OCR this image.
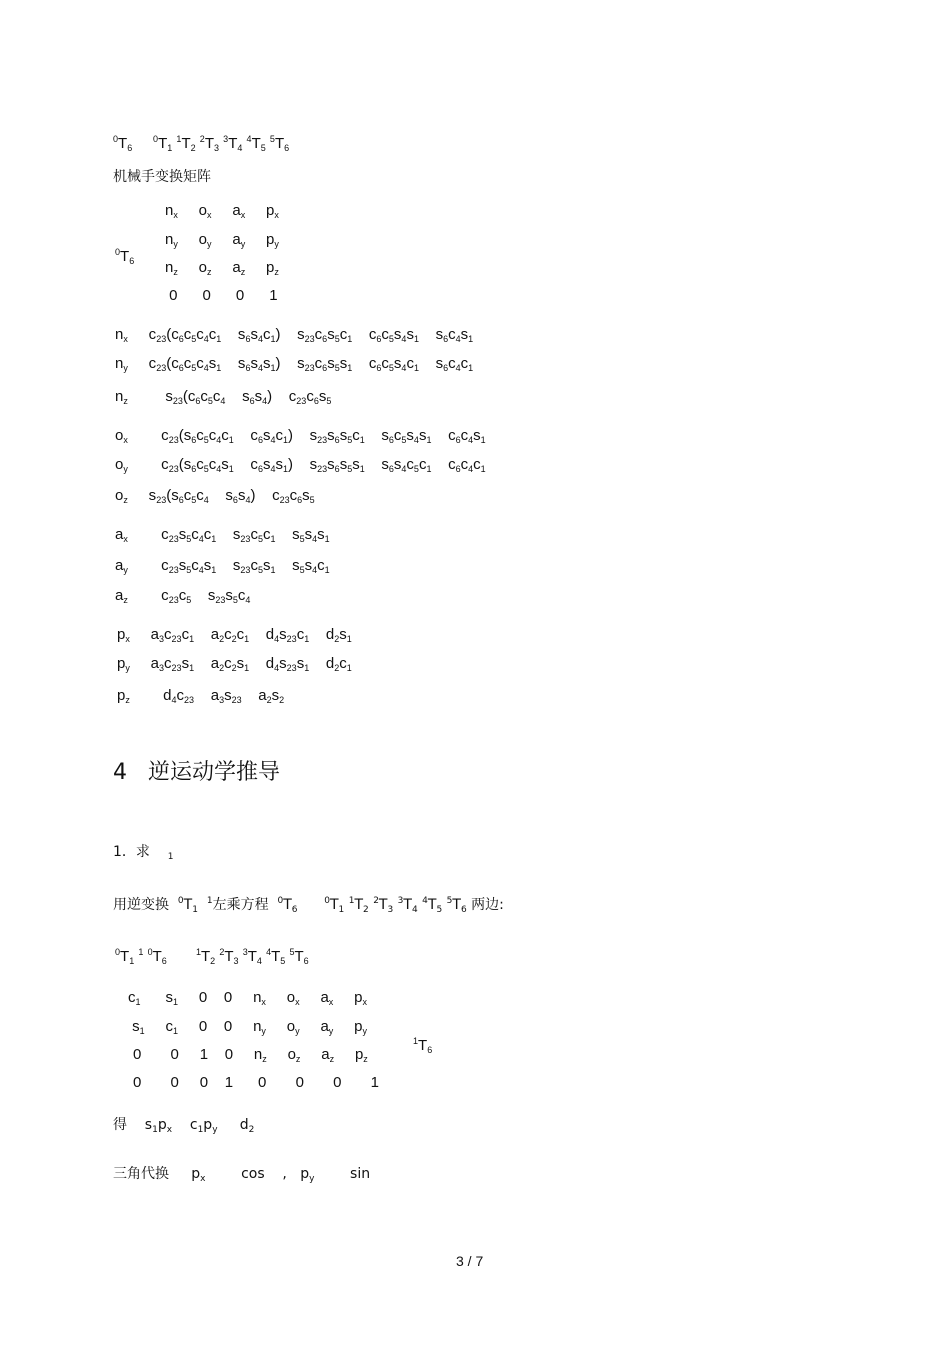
$^0T_6$     $^0T_1$ $^1T_2$ $^2T_3$ $^3T_4$ $^4T_5$ $^5T_6$
机械手变换矩阵
$^0T_6$
$n_x$     $o_x$     $a_x$     $p_x$
$n_y$     $o_y$     $a_y$     $p_y$
$n_z$     $o_z$     $a_z$     $p_z$
0      0      0      1
$n_x$     $c_{23}(c_6c_5c_4c_1$    $s_6s_4c_1$)    $s_{23}c_6s_5c_1$    $c_6c_5s_4s_1$    $s_6c_4s_1$
$n_y$     $c_{23}(c_6c_5c_4s_1$    $s_6s_4s_1$)    $s_{23}c_6s_5s_1$    $c_6c_5s_4c_1$    $s_6c_4c_1$
$n_z$         $s_{23}(c_6c_5c_4$    $s_6s_4$)    $c_{23}c_6s_5$
$o_x$        $c_{23}(s_6c_5c_4c_1$    $c_6s_4c_1$)    $s_{23}s_6s_5c_1$    $s_6c_5s_4s_1$    $c_6c_4s_1$
$o_y$        $c_{23}(s_6c_5c_4s_1$    $c_6s_4s_1$)    $s_{23}s_6s_5s_1$    $s_6s_4c_5c_1$    $c_6c_4c_1$
$o_z$     $s_{23}(s_6c_5c_4$    $s_6s_4$)    $c_{23}c_6s_5$
$a_x$        $c_{23}s_5c_4c_1$    $s_{23}c_5c_1$    $s_5s_4s_1$
$a_y$        $c_{23}s_5c_4s_1$    $s_{23}c_5s_1$    $s_5s_4c_1$
$a_z$        $c_{23}c_5$    $s_{23}s_5c_4$
$p_x$     $a_3c_{23}c_1$    $a_2c_2c_1$    $d_4s_{23}c_1$    $d_2s_1$
$p_y$     $a_3c_{23}s_1$    $a_2c_2s_1$    $d_4s_{23}s_1$    $d_2c_1$
$p_z$        $d_4c_{23}$    $a_3s_{23}$    $a_2s_2$
4   逆运动学推导
1．求    $_1$
用逆变换  $^0T_1$  $^1$左乘方程  $^0T_6$      $^0T_1$ $^1T_2$ $^2T_3$ $^3T_4$ $^4T_5$ $^5T_6$ 两边:
$^0T_1$ $^1$ $^0T_6$       $^1T_2$ $^2T_3$ $^3T_4$ $^4T_5$ $^5T_6$
$c_1$      $s_1$     0    0     $n_x$     $o_x$     $a_x$     $p_x$
$s_1$     $c_1$     0    0     $n_y$     $o_y$     $a_y$     $p_y$
0       0     1    0     $n_z$     $o_z$     $a_z$     $p_z$
0       0     0    1      0       0       0       1
$^1T_6$
得    $s_1p_x$    $c_1p_y$     $d_2$
三角代换     $p_x$        cos    ,   $p_y$        sin
3 / 7
